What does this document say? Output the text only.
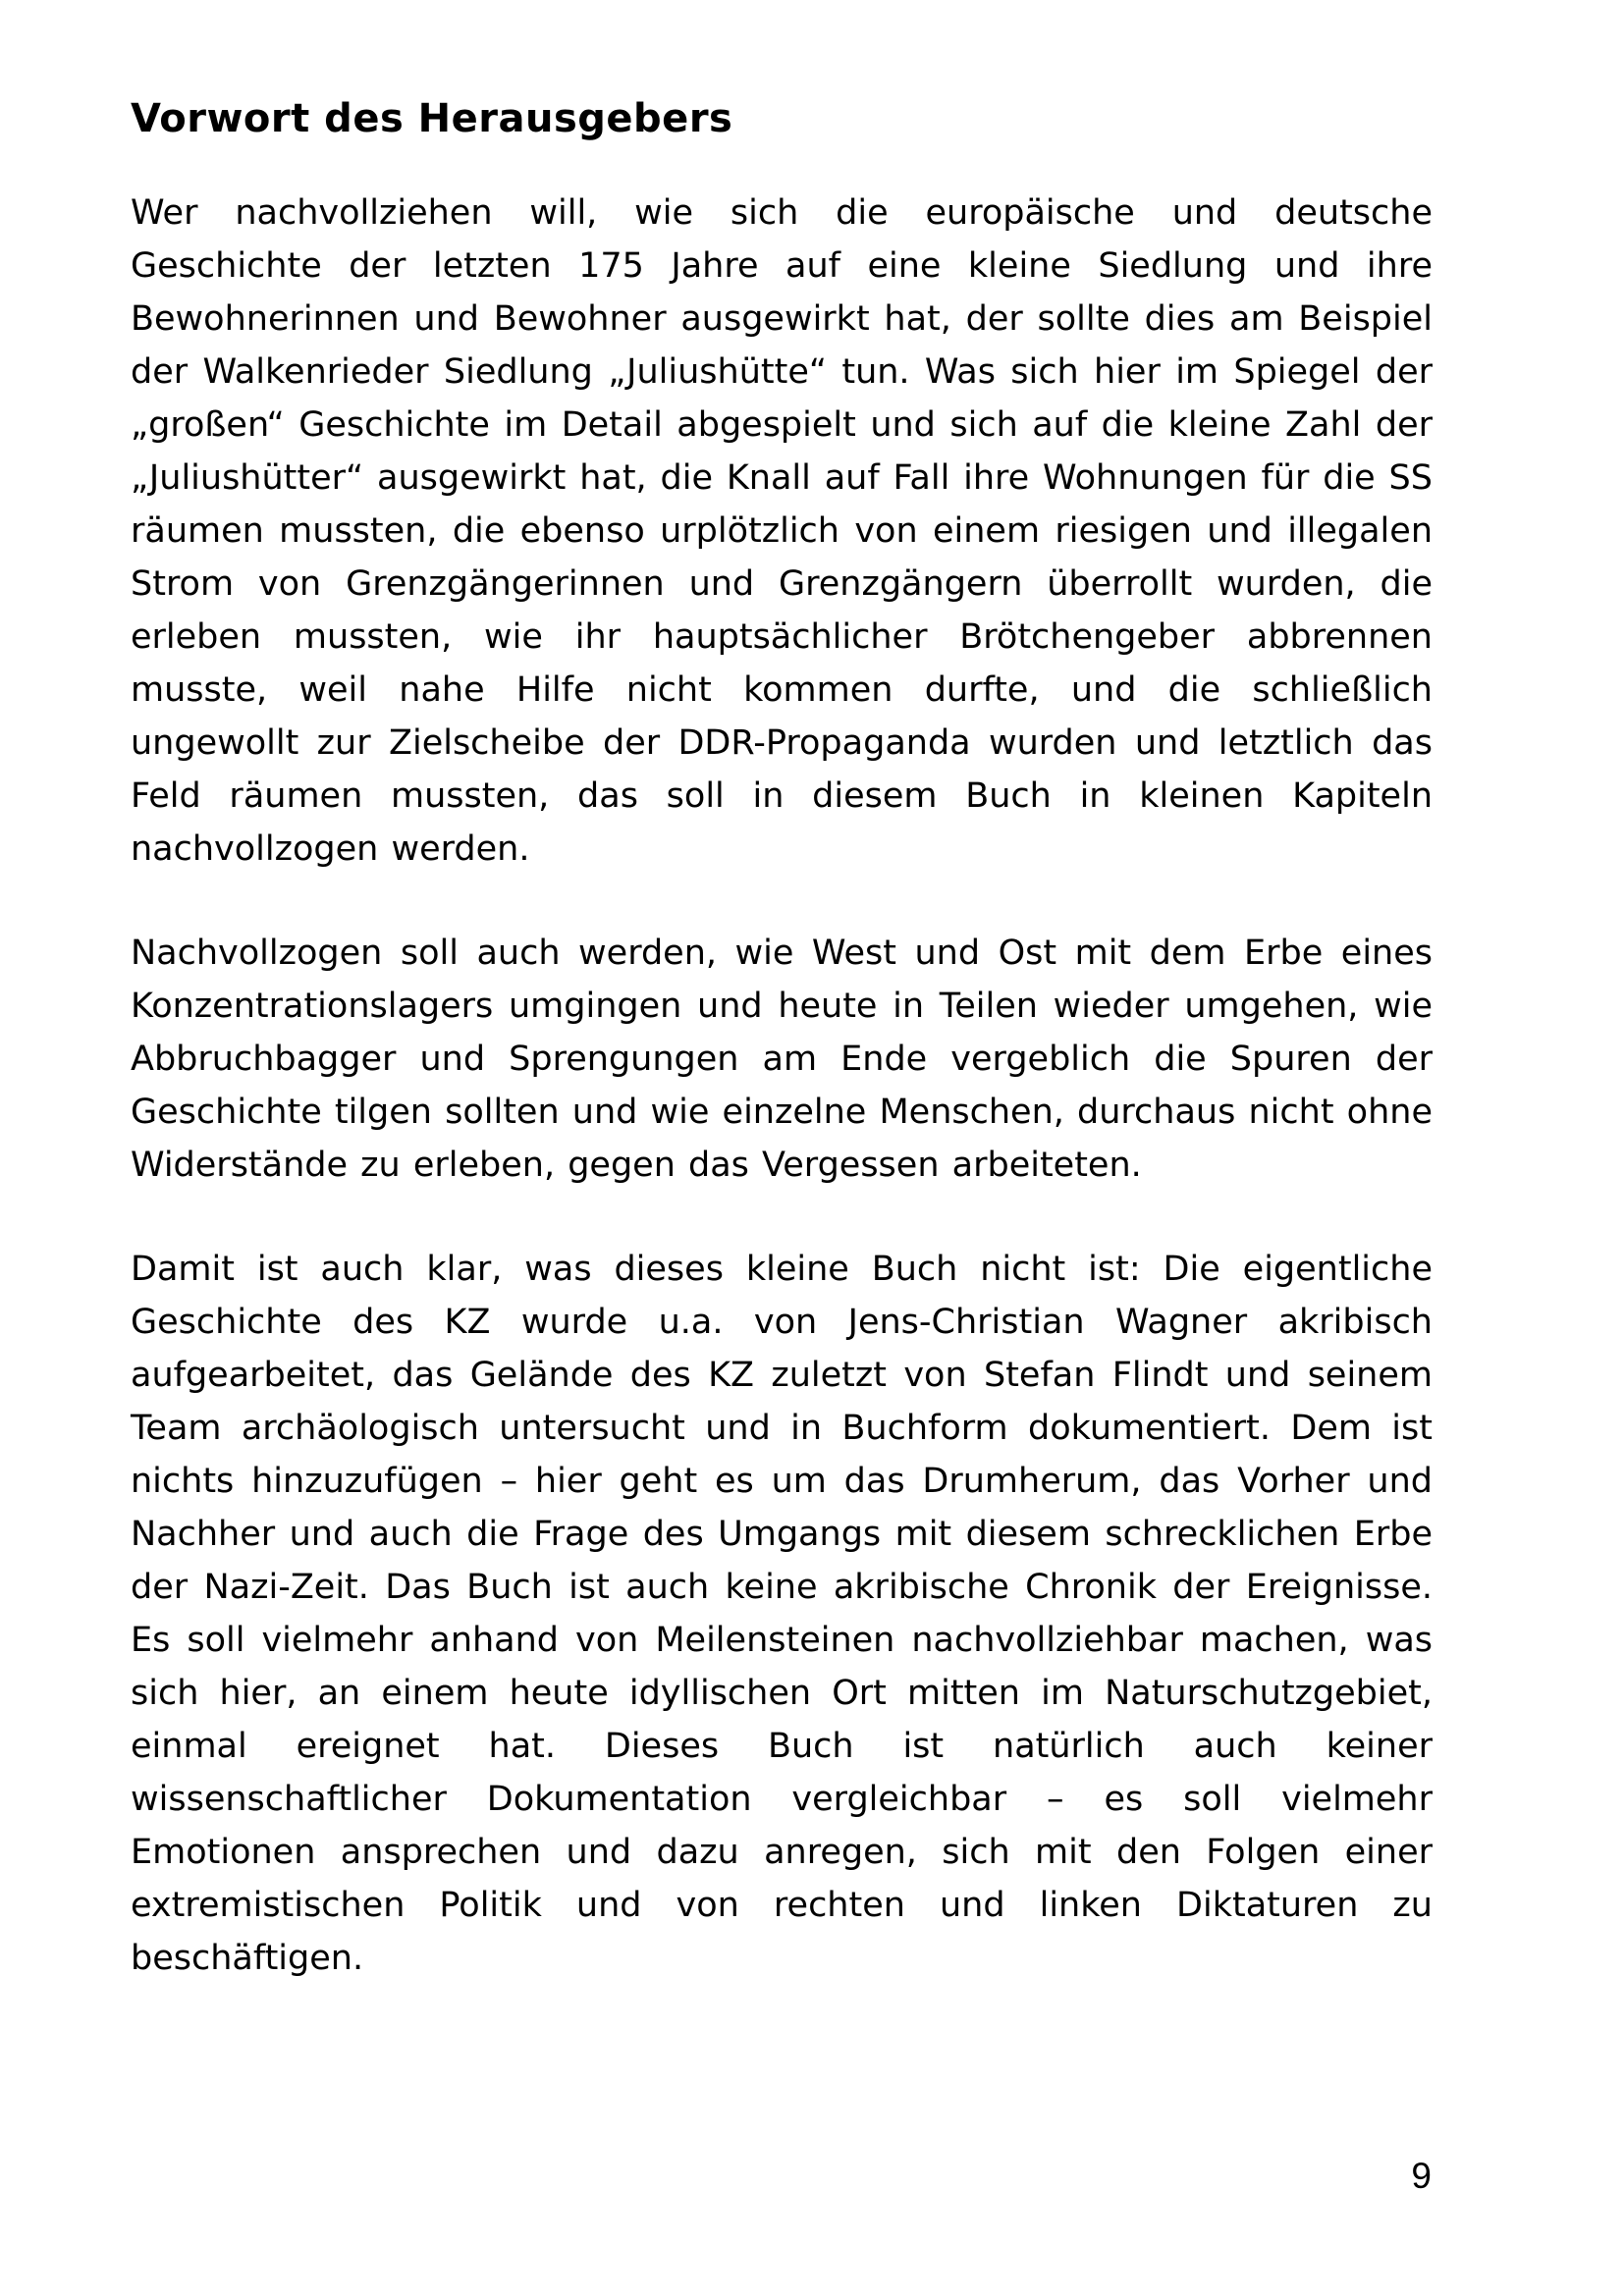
Vorwort des Herausgebers

Wer nachvollziehen will, wie sich die europäische und deutsche Geschichte der letzten 175 Jahre auf eine kleine Siedlung und ihre Bewohnerinnen und Bewohner ausgewirkt hat, der sollte dies am Beispiel der Walkenrieder Siedlung „Juliushütte“ tun. Was sich hier im Spiegel der „großen“ Geschichte im Detail abgespielt und sich auf die kleine Zahl der „Juliushütter“ ausgewirkt hat, die Knall auf Fall ihre Wohnungen für die SS räumen mussten, die ebenso urplötzlich von einem riesigen und illegalen Strom von Grenzgängerinnen und Grenzgängern überrollt wurden, die erleben mussten, wie ihr hauptsächlicher Brötchengeber abbrennen musste, weil nahe Hilfe nicht kommen durfte, und die schließlich ungewollt zur Zielscheibe der DDR-Propaganda wurden und letztlich das Feld räumen mussten, das soll in diesem Buch in kleinen Kapiteln nachvollzogen werden.

Nachvollzogen soll auch werden, wie West und Ost mit dem Erbe eines Konzentrationslagers umgingen und heute in Teilen wieder umgehen, wie Abbruchbagger und Sprengungen am Ende vergeblich die Spuren der Geschichte tilgen sollten und wie einzelne Menschen, durchaus nicht ohne Widerstände zu erleben, gegen das Vergessen arbeiteten.

Damit ist auch klar, was dieses kleine Buch nicht ist: Die eigentliche Geschichte des KZ wurde u.a. von Jens-Christian Wagner akribisch aufgearbeitet, das Gelände des KZ zuletzt von Stefan Flindt und seinem Team archäologisch untersucht und in Buchform dokumentiert. Dem ist nichts hinzuzufügen – hier geht es um das Drumherum, das Vorher und Nachher und auch die Frage des Umgangs mit diesem schrecklichen Erbe der Nazi-Zeit. Das Buch ist auch keine akribische Chronik der Ereignisse. Es soll vielmehr anhand von Meilensteinen nachvollziehbar machen, was sich hier, an einem heute idyllischen Ort mitten im Naturschutzgebiet, einmal ereignet hat. Dieses Buch ist natürlich auch keiner wissenschaftlicher Dokumentation vergleichbar – es soll vielmehr Emotionen ansprechen und dazu anregen, sich mit den Folgen einer extremistischen Politik und von rechten und linken Diktaturen zu beschäftigen.

9
